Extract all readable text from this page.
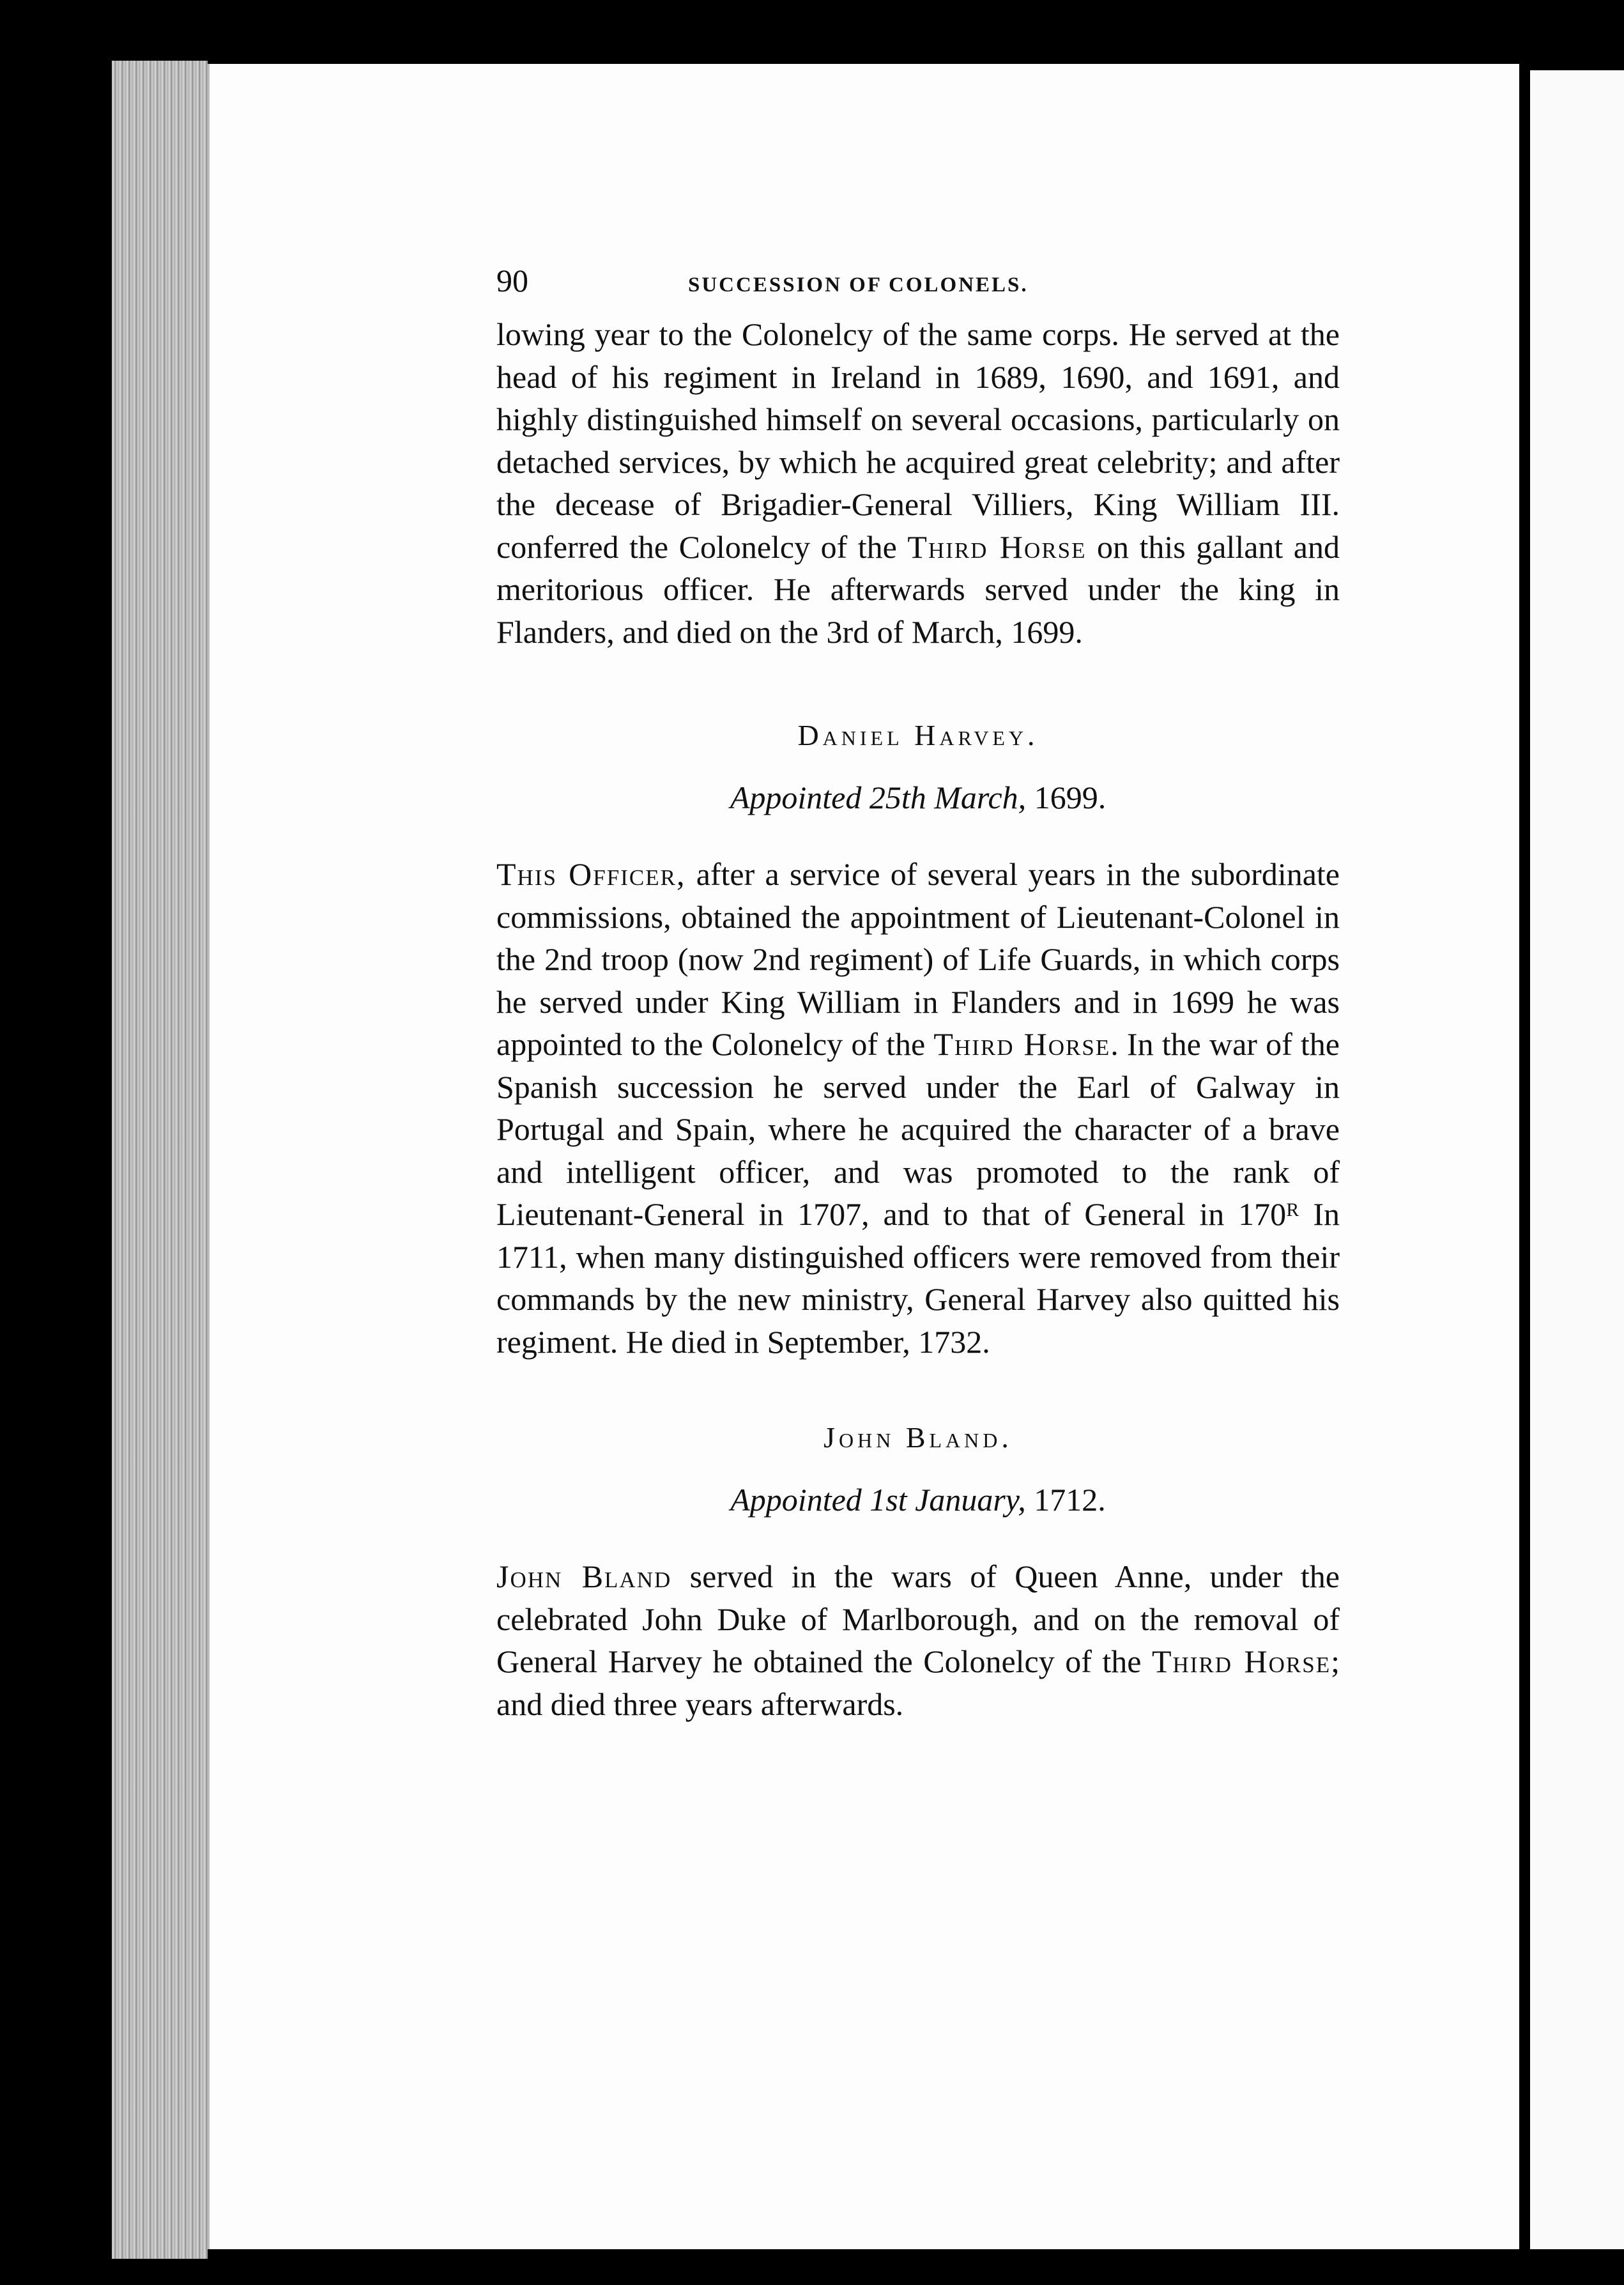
90	SUCCESSION OF COLONELS.

lowing year to the Colonelcy of the same corps. He served at the head of his regiment in Ireland in 1689, 1690, and 1691, and highly distinguished himself on several occasions, particularly on detached services, by which he acquired great celebrity; and after the decease of Brigadier-General Villiers, King William III. conferred the Colonelcy of the Third Horse on this gallant and meritorious officer. He afterwards served under the king in Flanders, and died on the 3rd of March, 1699.

Daniel Harvey.
Appointed 25th March, 1699.

This Officer, after a service of several years in the subordinate commissions, obtained the appointment of Lieutenant-Colonel in the 2nd troop (now 2nd regiment) of Life Guards, in which corps he served under King William in Flanders and in 1699 he was appointed to the Colonelcy of the Third Horse. In the war of the Spanish succession he served under the Earl of Galway in Portugal and Spain, where he acquired the character of a brave and intelligent officer, and was promoted to the rank of Lieutenant-General in 1707, and to that of General in 170ᴿ In 1711, when many distinguished officers were removed from their commands by the new ministry, General Harvey also quitted his regiment. He died in September, 1732.

John Bland.
Appointed 1st January, 1712.

John Bland served in the wars of Queen Anne, under the celebrated John Duke of Marlborough, and on the removal of General Harvey he obtained the Colonelcy of the Third Horse; and died three years afterwards.
